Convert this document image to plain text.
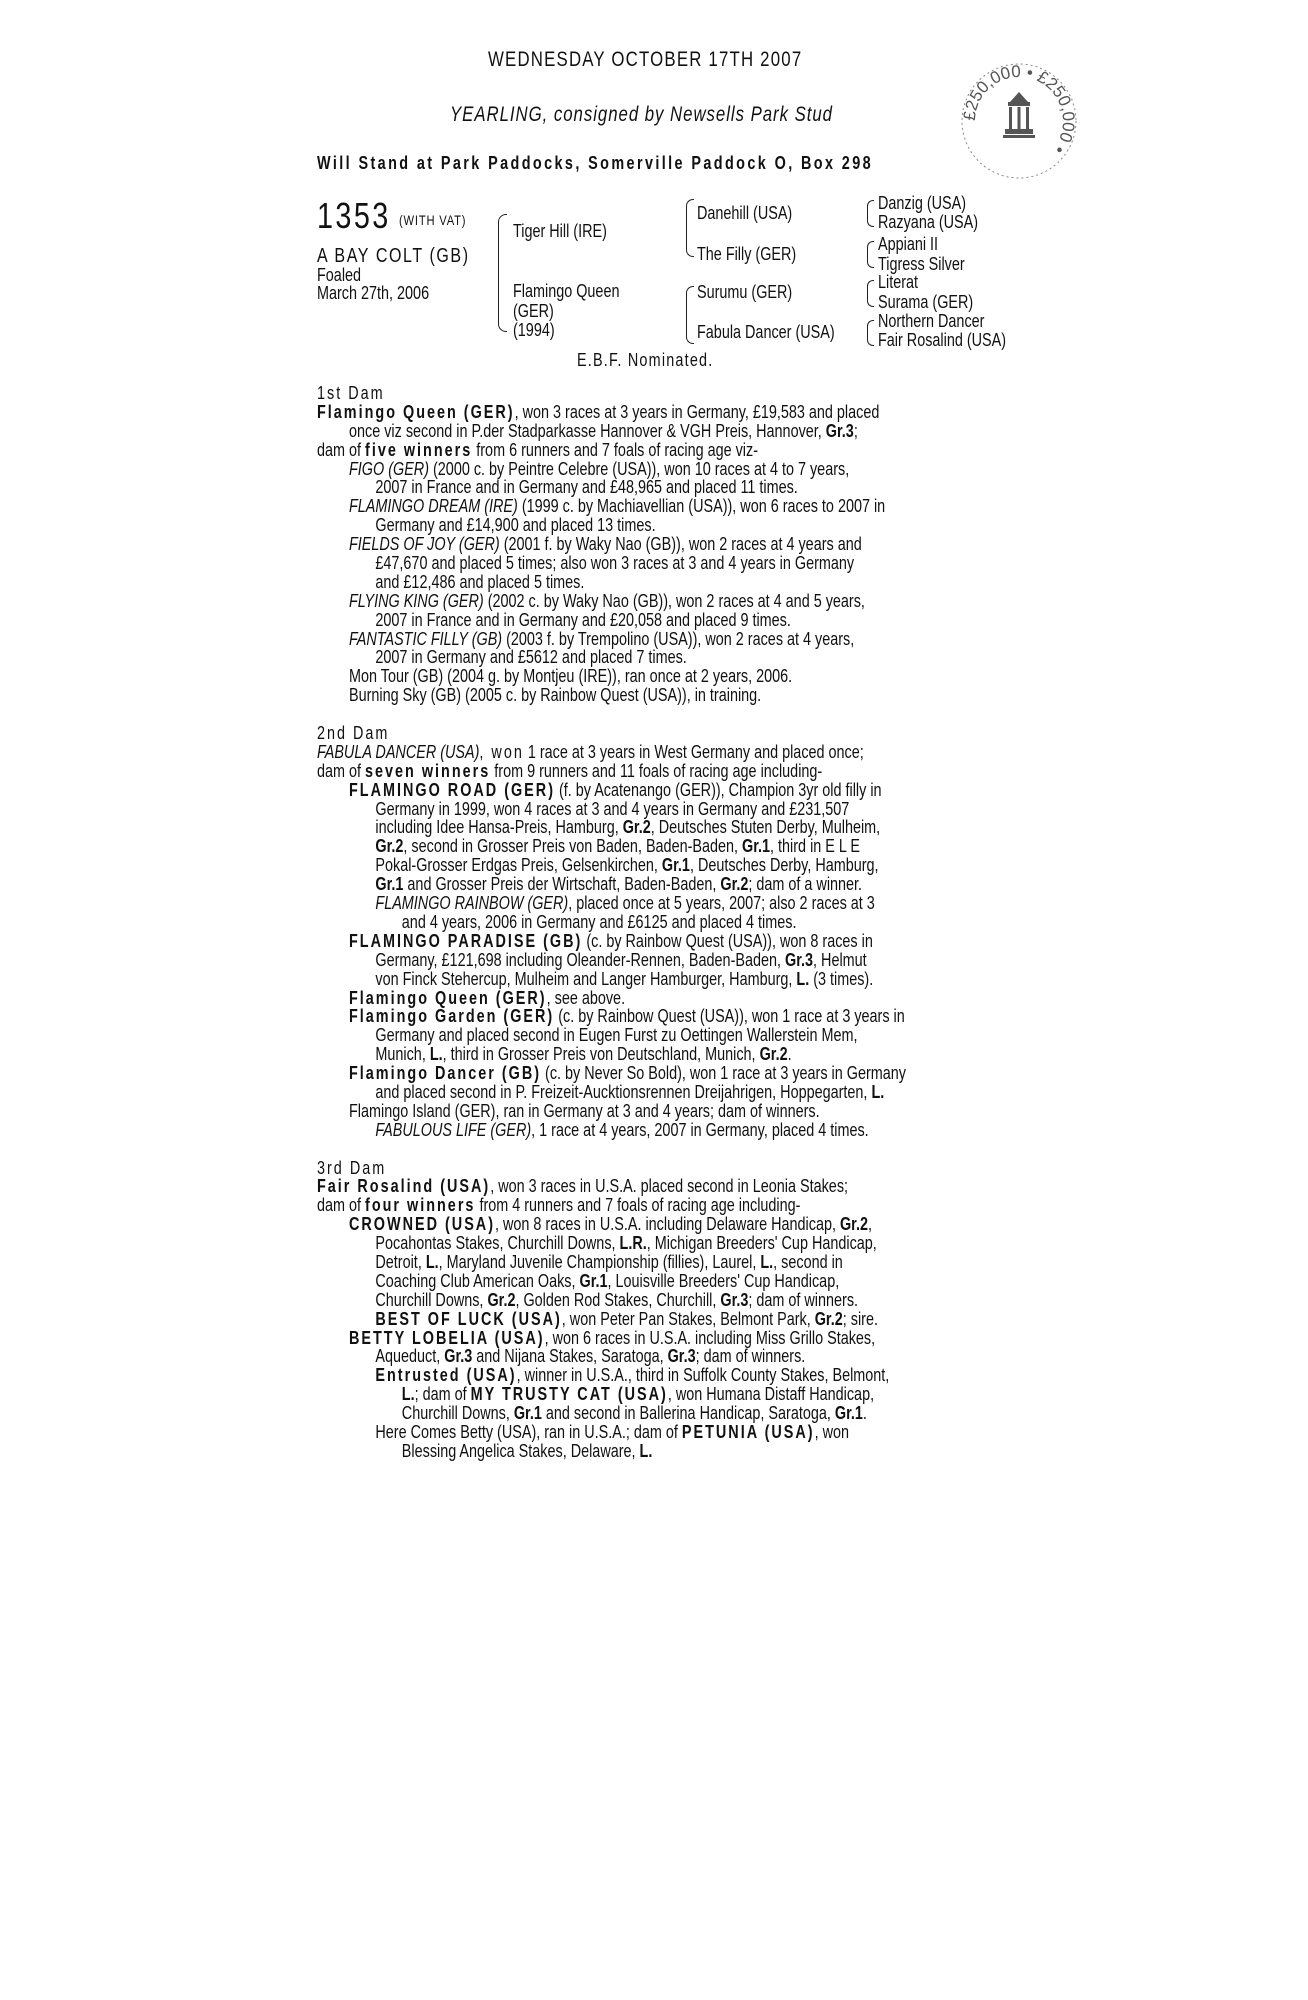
WEDNESDAY OCTOBER 17TH 2007
YEARLING, consigned by Newsells Park Stud
Will Stand at Park Paddocks, Somerville Paddock O, Box 298
£250,000 • £250,000 •
1353 (WITH VAT)
A BAY COLT (GB)
Foaled
March 27th, 2006
Tiger Hill (IRE)
Flamingo Queen
(GER)
(1994)
Danehill (USA)
The Filly (GER)
Surumu (GER)
Fabula Dancer (USA)
Danzig (USA)
Razyana (USA)
Appiani II
Tigress Silver
Literat
Surama (GER)
Northern Dancer
Fair Rosalind (USA)
E.B.F. Nominated.
1st Dam
Flamingo Queen (GER), won 3 races at 3 years in Germany, £19,583 and placed
once viz second in P.der Stadparkasse Hannover & VGH Preis, Hannover, Gr.3;
dam of five winners from 6 runners and 7 foals of racing age viz-
FIGO (GER) (2000 c. by Peintre Celebre (USA)), won 10 races at 4 to 7 years,
2007 in France and in Germany and £48,965 and placed 11 times.
FLAMINGO DREAM (IRE) (1999 c. by Machiavellian (USA)), won 6 races to 2007 in
Germany and £14,900 and placed 13 times.
FIELDS OF JOY (GER) (2001 f. by Waky Nao (GB)), won 2 races at 4 years and
£47,670 and placed 5 times; also won 3 races at 3 and 4 years in Germany
and £12,486 and placed 5 times.
FLYING KING (GER) (2002 c. by Waky Nao (GB)), won 2 races at 4 and 5 years,
2007 in France and in Germany and £20,058 and placed 9 times.
FANTASTIC FILLY (GB) (2003 f. by Trempolino (USA)), won 2 races at 4 years,
2007 in Germany and £5612 and placed 7 times.
Mon Tour (GB) (2004 g. by Montjeu (IRE)), ran once at 2 years, 2006.
Burning Sky (GB) (2005 c. by Rainbow Quest (USA)), in training.
2nd Dam
FABULA DANCER (USA), won 1 race at 3 years in West Germany and placed once;
dam of seven winners from 9 runners and 11 foals of racing age including-
FLAMINGO ROAD (GER) (f. by Acatenango (GER)), Champion 3yr old filly in
Germany in 1999, won 4 races at 3 and 4 years in Germany and £231,507
including Idee Hansa-Preis, Hamburg, Gr.2, Deutsches Stuten Derby, Mulheim,
Gr.2, second in Grosser Preis von Baden, Baden-Baden, Gr.1, third in E L E
Pokal-Grosser Erdgas Preis, Gelsenkirchen, Gr.1, Deutsches Derby, Hamburg,
Gr.1 and Grosser Preis der Wirtschaft, Baden-Baden, Gr.2; dam of a winner.
FLAMINGO RAINBOW (GER), placed once at 5 years, 2007; also 2 races at 3
and 4 years, 2006 in Germany and £6125 and placed 4 times.
FLAMINGO PARADISE (GB) (c. by Rainbow Quest (USA)), won 8 races in
Germany, £121,698 including Oleander-Rennen, Baden-Baden, Gr.3, Helmut
von Finck Stehercup, Mulheim and Langer Hamburger, Hamburg, L. (3 times).
Flamingo Queen (GER), see above.
Flamingo Garden (GER) (c. by Rainbow Quest (USA)), won 1 race at 3 years in
Germany and placed second in Eugen Furst zu Oettingen Wallerstein Mem,
Munich, L., third in Grosser Preis von Deutschland, Munich, Gr.2.
Flamingo Dancer (GB) (c. by Never So Bold), won 1 race at 3 years in Germany
and placed second in P. Freizeit-Aucktionsrennen Dreijahrigen, Hoppegarten, L.
Flamingo Island (GER), ran in Germany at 3 and 4 years; dam of winners.
FABULOUS LIFE (GER), 1 race at 4 years, 2007 in Germany, placed 4 times.
3rd Dam
Fair Rosalind (USA), won 3 races in U.S.A. placed second in Leonia Stakes;
dam of four winners from 4 runners and 7 foals of racing age including-
CROWNED (USA), won 8 races in U.S.A. including Delaware Handicap, Gr.2,
Pocahontas Stakes, Churchill Downs, L.R., Michigan Breeders' Cup Handicap,
Detroit, L., Maryland Juvenile Championship (fillies), Laurel, L., second in
Coaching Club American Oaks, Gr.1, Louisville Breeders' Cup Handicap,
Churchill Downs, Gr.2, Golden Rod Stakes, Churchill, Gr.3; dam of winners.
BEST OF LUCK (USA), won Peter Pan Stakes, Belmont Park, Gr.2; sire.
BETTY LOBELIA (USA), won 6 races in U.S.A. including Miss Grillo Stakes,
Aqueduct, Gr.3 and Nijana Stakes, Saratoga, Gr.3; dam of winners.
Entrusted (USA), winner in U.S.A., third in Suffolk County Stakes, Belmont,
L.; dam of MY TRUSTY CAT (USA), won Humana Distaff Handicap,
Churchill Downs, Gr.1 and second in Ballerina Handicap, Saratoga, Gr.1.
Here Comes Betty (USA), ran in U.S.A.; dam of PETUNIA (USA), won
Blessing Angelica Stakes, Delaware, L.
